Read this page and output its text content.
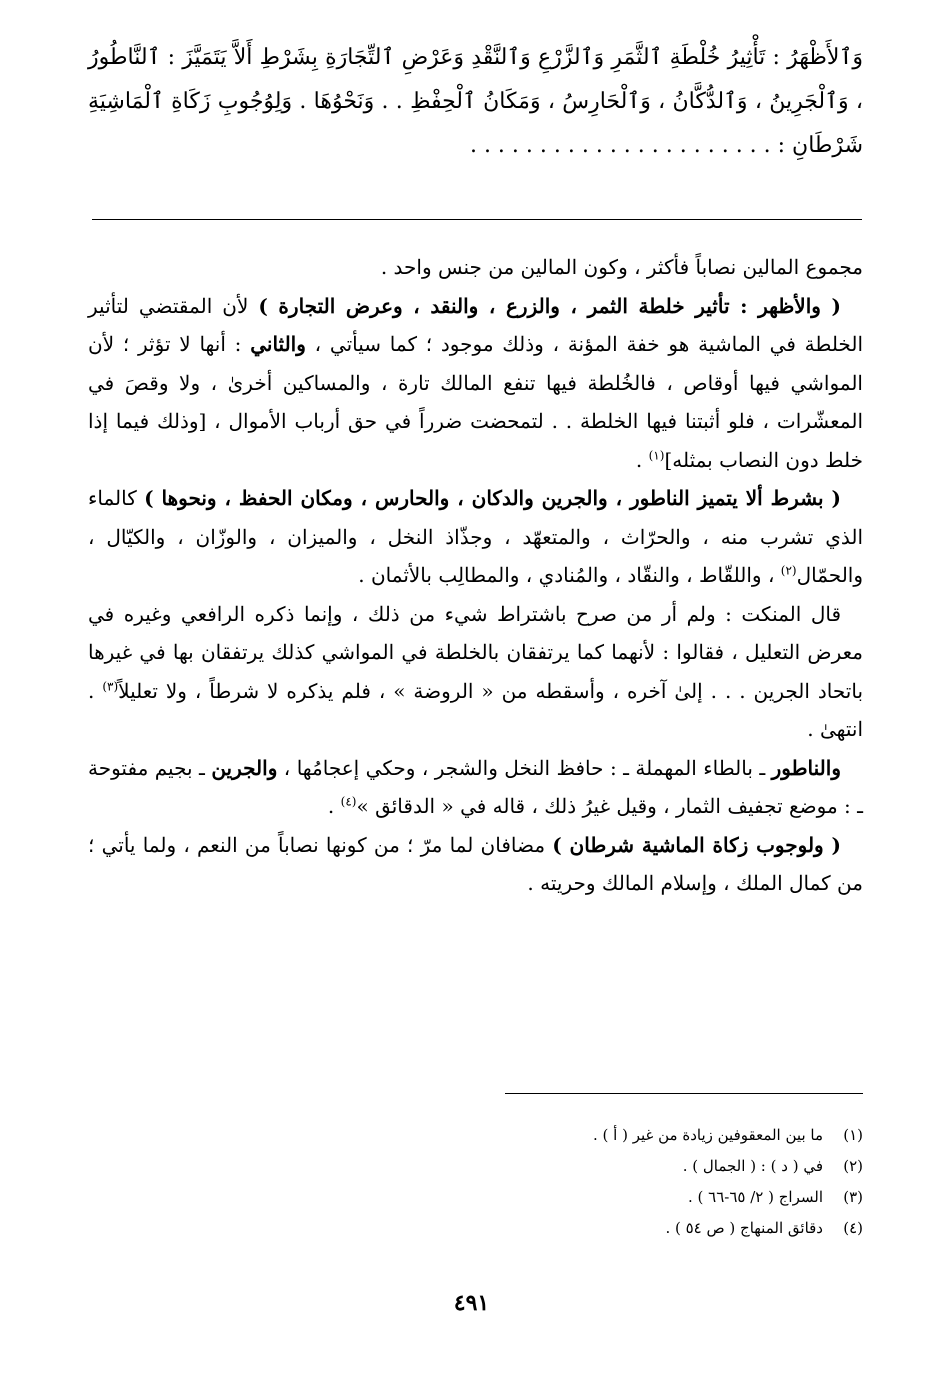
وَٱلأَظْهَرُ : تَأْثِيرُ خُلْطَةِ ٱلثَّمَرِ وَٱلزَّرْعِ وَٱلنَّقْدِ وَعَرْضِ ٱلتِّجَارَةِ بِشَرْطِ أَلاَّ يَتَمَيَّزَ : ٱلنَّاطُورُ ، وَٱلْجَرِينُ ، وَٱلدُّكَّانُ ، وَٱلْحَارِسُ ، وَمَكَانُ ٱلْحِفْظِ . . وَنَحْوُهَا . وَلِوُجُوبِ زَكَاةِ ٱلْمَاشِيَةِ شَرْطَانِ : . . . . . . . . . . . . . . . . . . . . . .

مجموع المالين نصاباً فأكثر ، وكون المالين من جنس واحد .

( والأظهر : تأثير خلطة الثمر ، والزرع ، والنقد ، وعرض التجارة ) لأن المقتضي لتأثير الخلطة في الماشية هو خفة المؤنة ، وذلك موجود ؛ كما سيأتي ، والثاني : أنها لا تؤثر ؛ لأن المواشي فيها أوقاص ، فالخُلطة فيها تنفع المالك تارة ، والمساكين أخرىٰ ، ولا وقصَ في المعشّرات ، فلو أثبتنا فيها الخلطة . . لتمحضت ضرراً في حق أرباب الأموال ، [وذلك فيما إذا خلط دون النصاب بمثله]$^{(١)}$ .

( بشرط ألا يتميز الناطور ، والجرين والدكان ، والحارس ، ومكان الحفظ ، ونحوها ) كالماء الذي تشرب منه ، والحرّاث ، والمتعهّد ، وجذّاذ النخل ، والميزان ، والوزّان ، والكيّال ، والحمّال$^{(٢)}$ ، واللقّاط ، والنقّاد ، والمُنادي ، والمطالِب بالأثمان .

قال المنكت : ولم أر من صرح باشتراط شيء من ذلك ، وإنما ذكره الرافعي وغيره في معرض التعليل ، فقالوا : لأنهما كما يرتفقان بالخلطة في المواشي كذلك يرتفقان بها في غيرها باتحاد الجرين . . . إلىٰ آخره ، وأسقطه من « الروضة » ، فلم يذكره لا شرطاً ، ولا تعليلاً$^{(٣)}$ . انتهىٰ .

والناطور ـ بالطاء المهملة ـ : حافظ النخل والشجر ، وحكي إعجامُها ، والجرين ـ بجيم مفتوحة ـ : موضع تجفيف الثمار ، وقيل غيرُ ذلك ، قاله في « الدقائق »$^{(٤)}$ .

( ولوجوب زكاة الماشية شرطان ) مضافان لما مرّ ؛ من كونها نصاباً من النعم ، ولما يأتي ؛ من كمال الملك ، وإسلام المالك وحريته .

(١)ما بين المعقوفين زيادة من غير ( أ ) .
(٢)في ( د ) : ( الجمال ) .
(٣)السراج ( ٢/ ٦٥-٦٦ ) .
(٤)دقائق المنهاج ( ص ٥٤ ) .
٤٩١
